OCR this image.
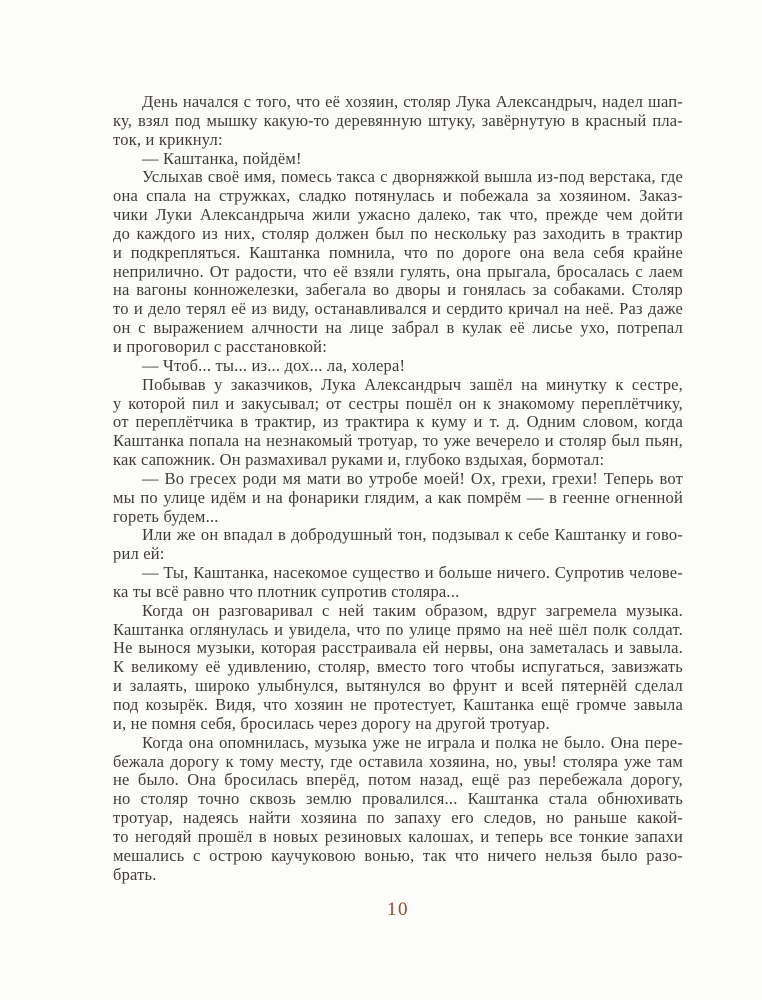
День начался с того, что её хозяин, столяр Лука Александрыч, надел шап-
ку, взял под мышку какую-то деревянную штуку, завёрнутую в красный пла-
ток, и крикнул:
— Каштанка, пойдём!
Услыхав своё имя, помесь такса с дворняжкой вышла из-под верстака, где
она спала на стружках, сладко потянулась и побежала за хозяином. Заказ-
чики Луки Александрыча жили ужасно далеко, так что, прежде чем дойти
до каждого из них, столяр должен был по нескольку раз заходить в трактир
и подкрепляться. Каштанка помнила, что по дороге она вела себя крайне
неприлично. От радости, что её взяли гулять, она прыгала, бросалась с лаем
на вагоны конножелезки, забегала во дворы и гонялась за собаками. Столяр
то и дело терял её из виду, останавливался и сердито кричал на неё. Раз даже
он с выражением алчности на лице забрал в кулак её лисье ухо, потрепал
и проговорил с расстановкой:
— Чтоб... ты... из... дох... ла, холера!
Побывав у заказчиков, Лука Александрыч зашёл на минутку к сестре,
у которой пил и закусывал; от сестры пошёл он к знакомому переплётчику,
от переплётчика в трактир, из трактира к куму и т. д. Одним словом, когда
Каштанка попала на незнакомый тротуар, то уже вечерело и столяр был пьян,
как сапожник. Он размахивал руками и, глубоко вздыхая, бормотал:
— Во гресех роди мя мати во утробе моей! Ох, грехи, грехи! Теперь вот
мы по улице идём и на фонарики глядим, а как помрём — в геенне огненной
гореть будем...
Или же он впадал в добродушный тон, подзывал к себе Каштанку и гово-
рил ей:
— Ты, Каштанка, насекомое существо и больше ничего. Супротив челове-
ка ты всё равно что плотник супротив столяра...
Когда он разговаривал с ней таким образом, вдруг загремела музыка.
Каштанка оглянулась и увидела, что по улице прямо на неё шёл полк солдат.
Не вынося музыки, которая расстраивала ей нервы, она заметалась и завыла.
К великому её удивлению, столяр, вместо того чтобы испугаться, завизжать
и залаять, широко улыбнулся, вытянулся во фрунт и всей пятернёй сделал
под козырёк. Видя, что хозяин не протестует, Каштанка ещё громче завыла
и, не помня себя, бросилась через дорогу на другой тротуар.
Когда она опомнилась, музыка уже не играла и полка не было. Она пере-
бежала дорогу к тому месту, где оставила хозяина, но, увы! столяра уже там
не было. Она бросилась вперёд, потом назад, ещё раз перебежала дорогу,
но столяр точно сквозь землю провалился... Каштанка стала обнюхивать
тротуар, надеясь найти хозяина по запаху его следов, но раньше какой-
то негодяй прошёл в новых резиновых калошах, и теперь все тонкие запахи
мешались с острою каучуковою вонью, так что ничего нельзя было разо-
брать.
10
